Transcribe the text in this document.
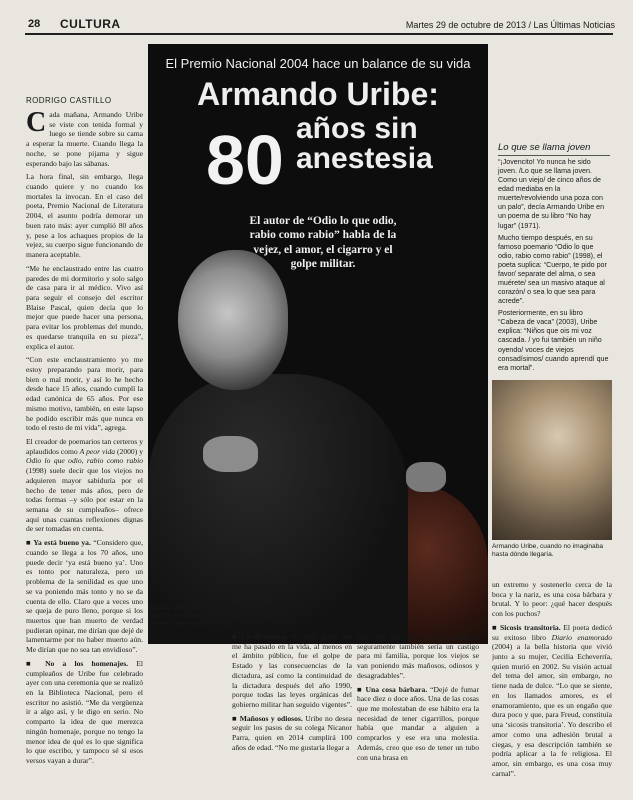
28 CULTURA	Martes 29 de octubre de 2013 / Las Últimas Noticias
RODRIGO CASTILLO

Cada mañana, Armando Uribe se viste con tenida formal y luego se tiende sobre su cama a esperar la muerte. Cuando llega la noche, se pone pijama y sigue esperando bajo las sábanas.

La hora final, sin embargo, llega cuando quiere y no cuando los mortales la invocan. En el caso del poeta, Premio Nacional de Literatura 2004, el asunto podría demorar un buen rato más: ayer cumplió 80 años y, pese a los achaques propios de la vejez, su cuerpo sigue funcionando de manera aceptable.

“Me he enclaustrado entre las cuatro paredes de mi dormitorio y solo salgo de casa para ir al médico. Vivo así para seguir el consejo del escritor Blaise Pascal, quien decía que lo mejor que puede hacer una persona, para evitar los problemas del mundo, es quedarse tranquila en su pieza”, explica el autor.

“Con este enclaustramiento yo me estoy preparando para morir, para bien o mal morir, y así lo he hecho desde hace 15 años, cuando cumplí la edad canónica de 65 años. Por ese mismo motivo, también, en este lapso he podido escribir más que nunca en todo el resto de mi vida”, agrega.

El creador de poemarios tan certeros y aplaudidos como A peor vida (2000) y Odio lo que odio, rabio como rabio (1998) suele decir que los viejos no adquieren mayor sabiduría por el hecho de tener más años, pero de todas formas –y sólo por estar en la semana de su cumpleaños– ofrece aquí unas cuantas reflexiones dignas de ser tomadas en cuenta.

■ Ya está bueno ya. “Considero que, cuando se llega a los 70 años, uno puede decir ‘ya está bueno ya’. Uno es tonto por naturaleza, pero un problema de la senilidad es que uno se va poniendo más tonto y no se da cuenta de ello. Claro que a veces uno se queja de puro lleno, porque si los muertos que han muerto de verdad pudieran opinar, me dirían que dejé de lamentarme por no haber muerto aún. Me dirían que no sea tan envidioso”.

■ No a los homenajes. El cumpleaños de Uribe fue celebrado ayer con una ceremonia que se realizó en la Biblioteca Nacional, pero el escritor no asistió. “Me da vergüenza ir a algo así, y le digo en serio. No comparto la idea de que merezca ningún homenaje, porque no tengo la menor idea de qué es lo que significa lo que escribo, y tampoco sé si esos versos vayan a durar”.

El Premio Nacional 2004 hace un balance de su vida
Armando Uribe:
80 años sin
anestesia
El autor de “Odio lo que odio, rabio como rabio” habla de la vejez, el amor, el cigarro y el golpe militar.
El autor opina que a los 70 años se puede decir “ya está bueno ya”.

■ La dictadura. “Lo más grave que me ha pasado en la vida, al menos en el ámbito público, fue el golpe de Estado y las consecuencias de la dictadura, así como la continuidad de la dictadura después del año 1990, porque todas las leyes orgánicas del gobierno militar han seguido vigentes”.

■ Mañosos y odiosos. Uribe no desea seguir los pasos de su colega Nicanor Parra, quien en 2014 cumplirá 100 años de edad. “No me gustaría llegar a

esa edad, para mí sería un castigo y seguramente también sería un castigo para mi familia, porque los viejos se van poniendo más mañosos, odiosos y desagradables”.

■ Una cosa bárbara. “Dejé de fumar hace diez o doce años. Una de las cosas que me molestaban de ese hábito era la necesidad de tener cigarrillos, porque había que mandar a alguien a comprarlos y ese era una molestia. Además, creo que eso de tener un tubo con una brasa en

un extremo y sostenerlo cerca de la boca y la nariz, es una cosa bárbara y brutal. Y lo peor: ¿qué hacer después con los puchos?

■ Sicosis transitoria. El poeta dedicó su exitoso libro Diario enamorado (2004) a la bella historia que vivió junto a su mujer, Cecilia Echeverría, quien murió en 2002. Su visión actual del tema del amor, sin embargo, no tiene nada de dulce. “Lo que se siente, en los llamados amores, es el enamoramiento, que es un engaño que dura poco y que, para Freud, constituía una ‘sicosis transitoria’. Yo describo el amor como una adhesión brutal a ciegas, y esa descripción también se podría aplicar a la fe religiosa. El amor, sin embargo, es una cosa muy carnal”.

Lo que se llama joven

“¡Jovencito! Yo nunca he sido joven. /Lo que se llama joven. Como un viejo/ de cinco años de edad mediaba en la muerte/revolviendo una poza con un palo”, decía Armando Uribe en un poema de su libro “No hay lugar” (1971).

Mucho tiempo después, en su famoso poemario “Odio lo que odio, rabio como rabio” (1998), el poeta suplica: “Cuerpo, te pido por favor/ separate del alma, o sea muérete/ sea un masivo ataque al corazón/ o sea lo que sea para acrede”.

Posteriormente, en su libro “Cabeza de vaca” (2003), Uribe explica: “Niños que ois mi voz cascada. / yo fui también un niño oyendo/ voces de viejos consadísimos/ cuando aprendí que era mortal”.

Armando Uribe, cuando no imaginaba hasta dónde llegaría.
